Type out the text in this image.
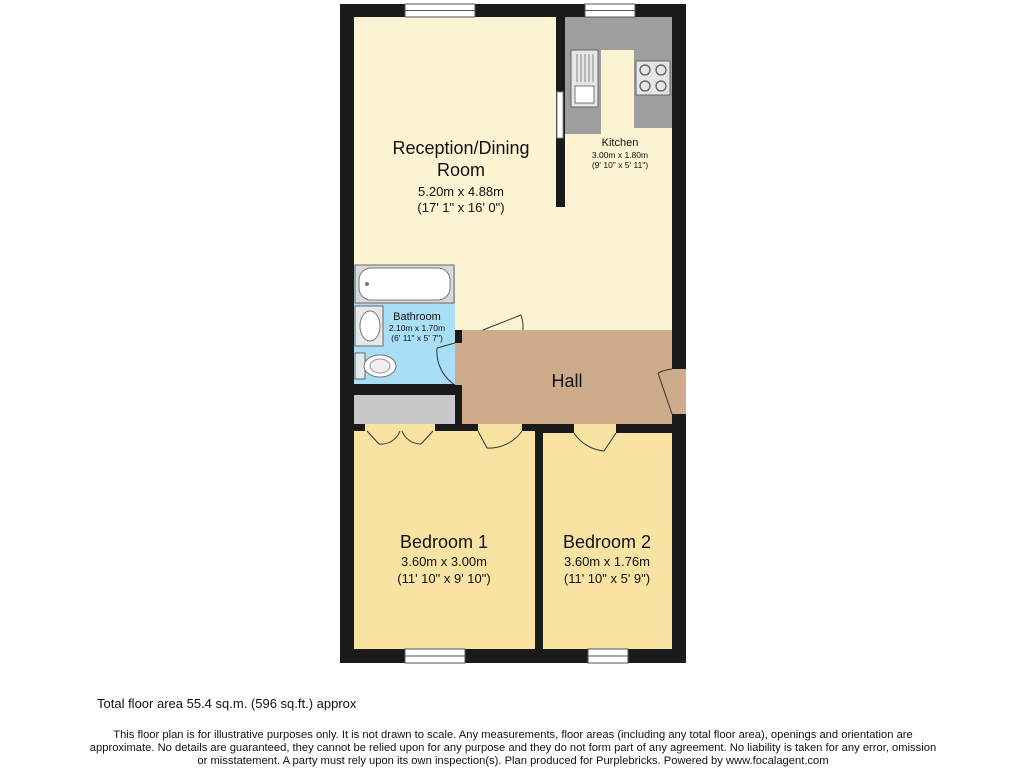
Reception/Dining
Room
5.20m x 4.88m
(17' 1" x 16' 0")
Kitchen
3.00m x 1.80m
(9' 10" x 5' 11")
Bathroom
2.10m x 1.70m
(6' 11" x 5' 7")
Hall
Bedroom 1
3.60m x 3.00m
(11' 10" x 9' 10")
Bedroom 2
3.60m x 1.76m
(11' 10" x 5' 9")

Total floor area 55.4 sq.m. (596 sq.ft.) approx

This floor plan is for illustrative purposes only. It is not drawn to scale. Any measurements, floor areas (including any total floor area), openings and orientation are approximate. No details are guaranteed, they cannot be relied upon for any purpose and they do not form part of any agreement. No liability is taken for any error, omission or misstatement. A party must rely upon its own inspection(s). Plan produced for Purplebricks. Powered by www.focalagent.com
